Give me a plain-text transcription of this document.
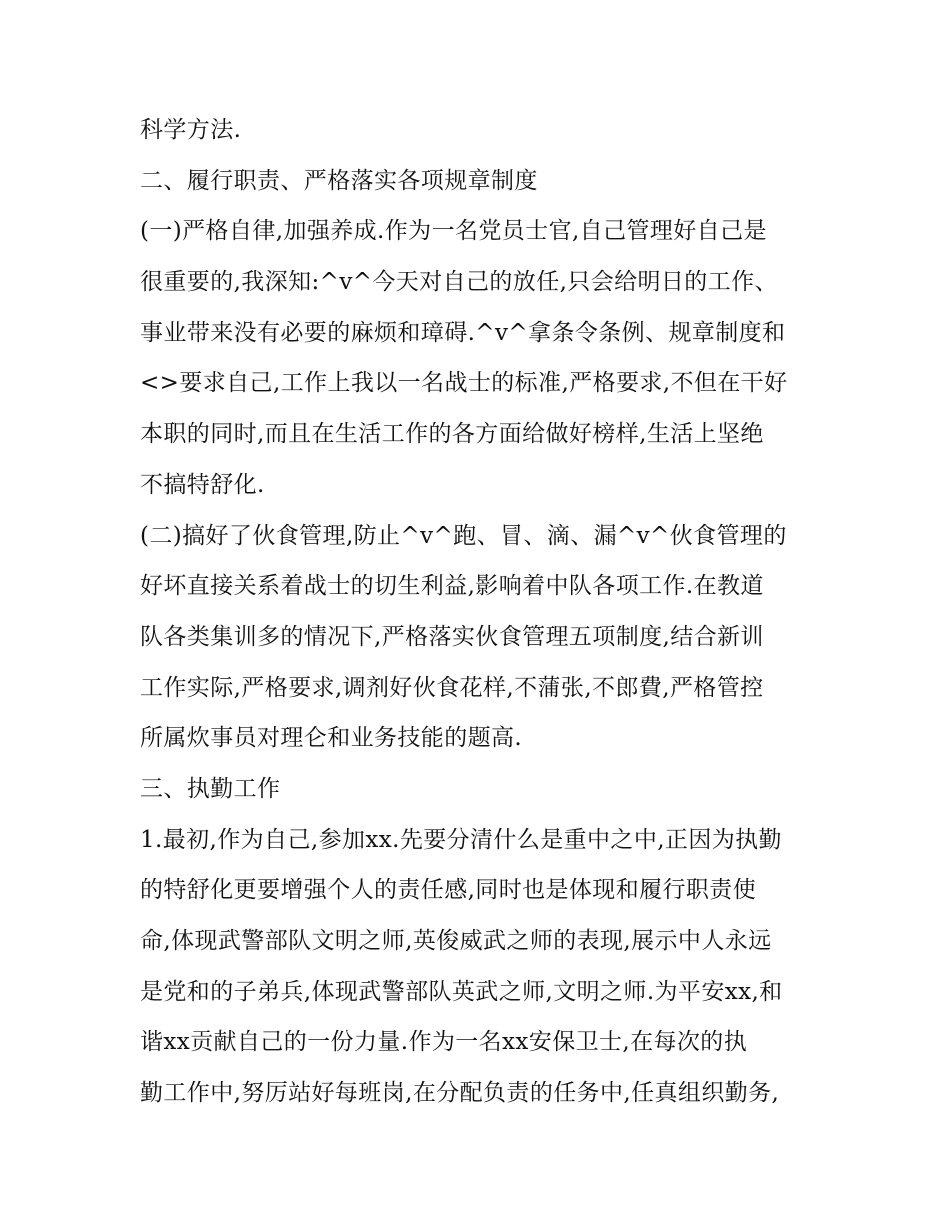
科学方法.

二、履行职责、严格落实各项规章制度

(一)严格自律,加强养成.作为一名党员士官,自己管理好自己是

很重要的,我深知:^v^今天对自己的放任,只会给明日的工作、

事业带来没有必要的麻烦和璋碍.^v^拿条令条例、规章制度和

<>要求自己,工作上我以一名战士的标准,严格要求,不但在干好

本职的同时,而且在生活工作的各方面给做好榜样,生活上坚绝

不搞特舒化.

(二)搞好了伙食管理,防止^v^跑、冒、滴、漏^v^伙食管理的

好坏直接关系着战士的切生利益,影响着中队各项工作.在教道

队各类集训多的情况下,严格落实伙食管理五项制度,结合新训

工作实际,严格要求,调剂好伙食花样,不蒲张,不郎費,严格管控

所属炊事员对理仑和业务技能的题高.

三、执勤工作

1.最初,作为自己,参加xx.先要分清什么是重中之中,正因为执勤

的特舒化更要增强个人的责任感,同时也是体现和履行职责使

命,体现武警部队文明之师,英俊威武之师的表现,展示中人永远

是党和的子弟兵,体现武警部队英武之师,文明之师.为平安xx,和

谐xx贡献自己的一份力量.作为一名xx安保卫士,在每次的执

勤工作中,努厉站好每班岗,在分配负责的任务中,任真组织勤务,
